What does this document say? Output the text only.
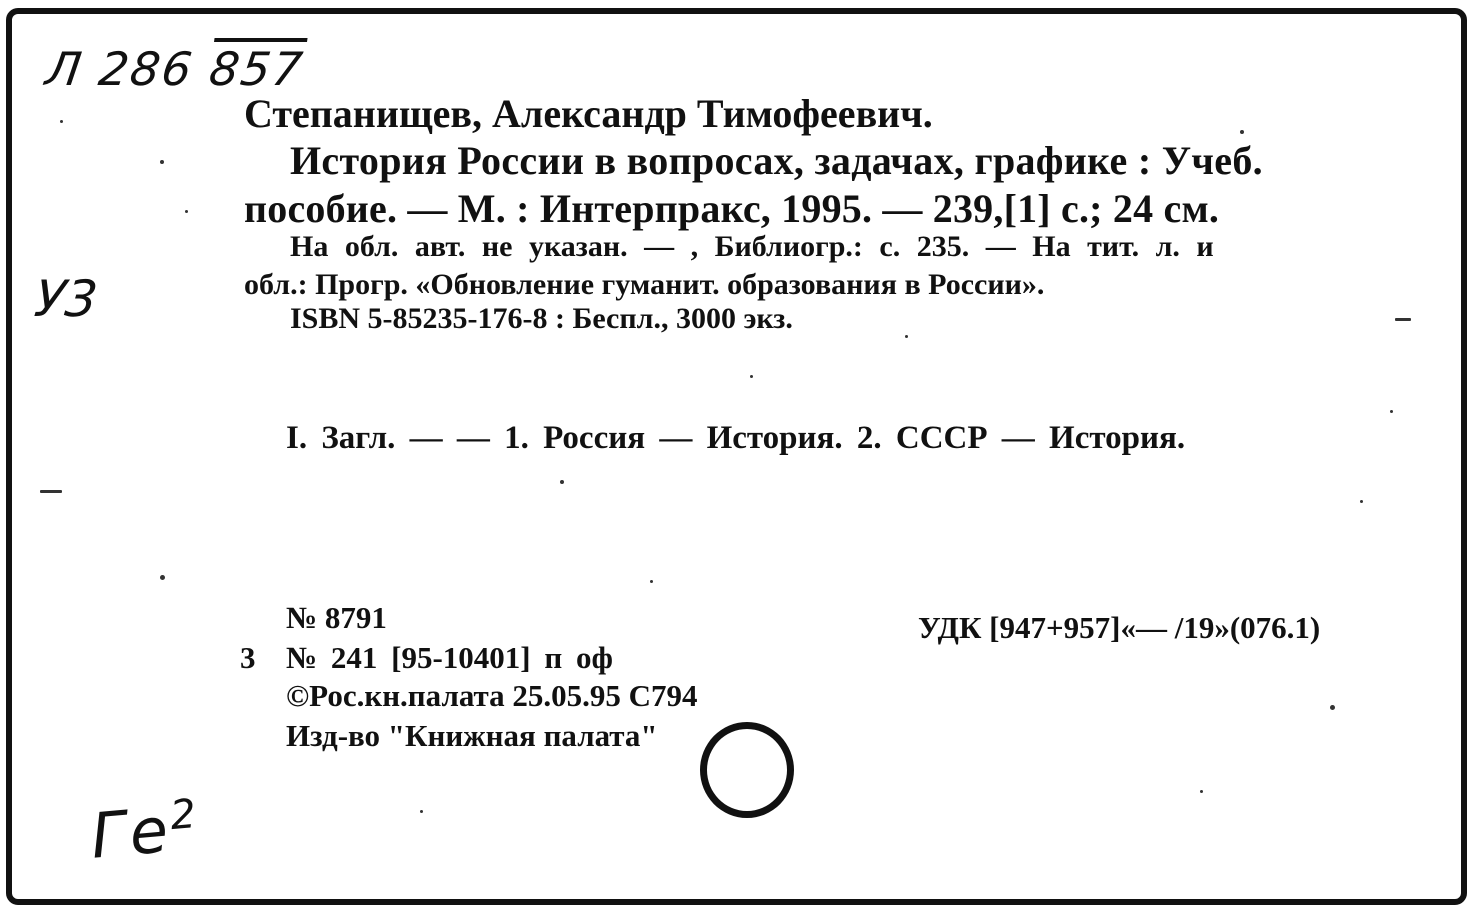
Л 286 857
У3
$Ге^2$
Степанищев, Александр Тимофеевич.
История России в вопросах, задачах, графике : Учеб.
пособие. — М. : Интерпракс, 1995. — 239,[1] с.; 24 см.
На обл. авт. не указан. — , Библиогр.: с. 235. — На тит. л. и
обл.: Прогр. «Обновление гуманит. образования в России».
ISBN 5-85235-176-8 : Беспл., 3000 экз.
I. Загл. — — 1. Россия — История. 2. СССР — История.
№ 8791
3 № 241 [95-10401] п оф
©Рос.кн.палата 25.05.95 С794
Изд-во "Книжная палата"
УДК [947+957]«— /19»(076.1)
